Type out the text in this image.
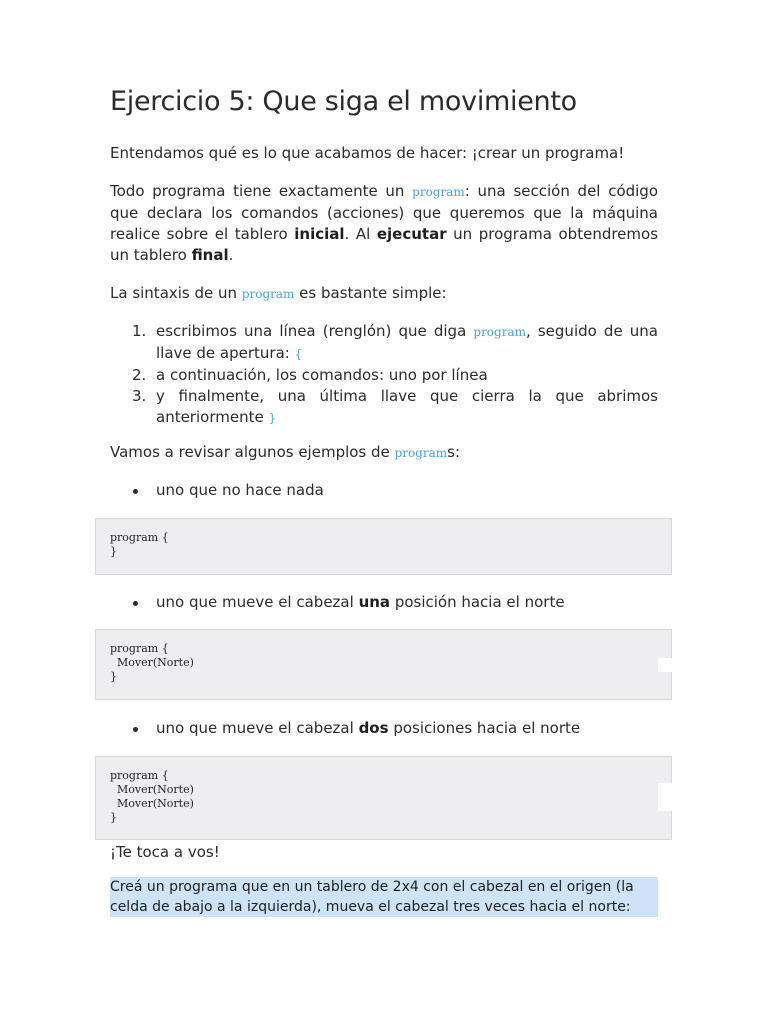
Ejercicio 5: Que siga el movimiento

Entendamos qué es lo que acabamos de hacer: ¡crear un programa!

Todo programa tiene exactamente un program: una sección del código que declara los comandos (acciones) que queremos que la máquina realice sobre el tablero inicial. Al ejecutar un programa obtendremos un tablero final.

La sintaxis de un program es bastante simple:

1. escribimos una línea (renglón) que diga program, seguido de una llave de apertura: {
2. a continuación, los comandos: uno por línea
3. y finalmente, una última llave que cierra la que abrimos anteriormente }

Vamos a revisar algunos ejemplos de programs:

uno que no hace nada
program {
}
uno que mueve el cabezal una posición hacia el norte
program {
Mover(Norte)
}
uno que mueve el cabezal dos posiciones hacia el norte
program {
Mover(Norte)
Mover(Norte)
}
¡Te toca a vos!
Creá un programa que en un tablero de 2x4 con el cabezal en el origen (la celda de abajo a la izquierda), mueva el cabezal tres veces hacia el norte:
